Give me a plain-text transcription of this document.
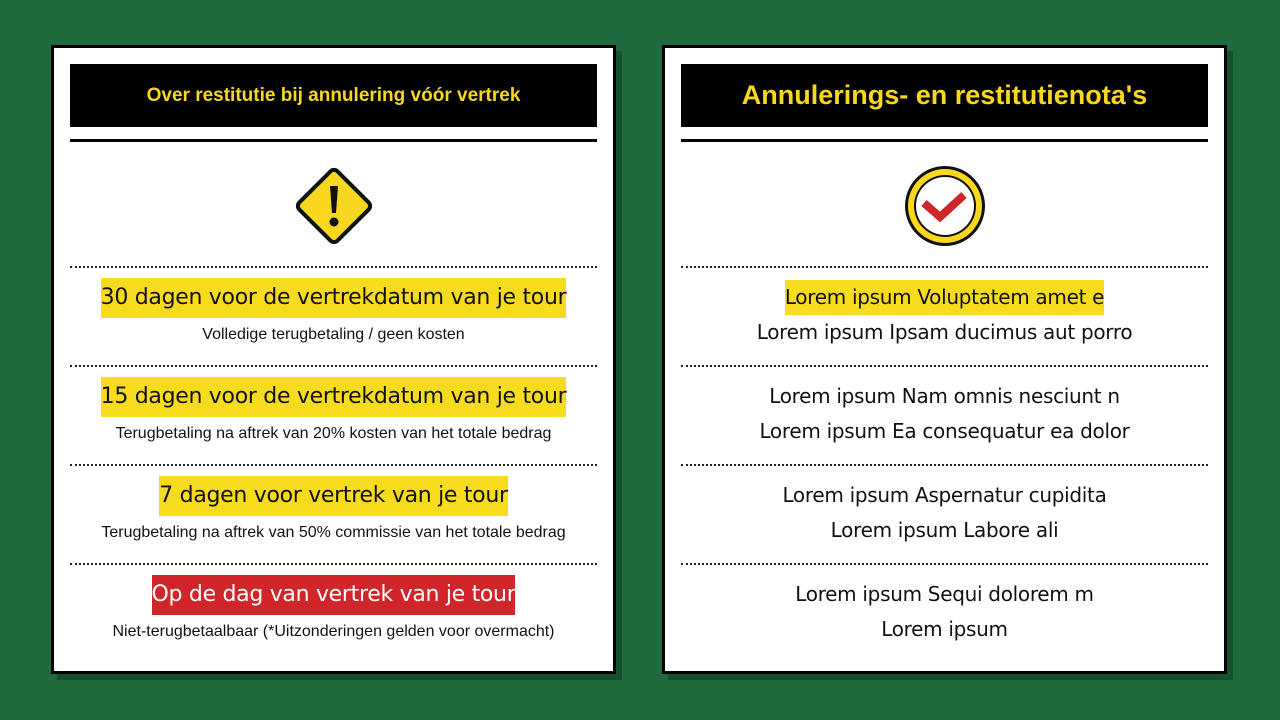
Over restitutie bij annulering vóór vertrek
30 dagen voor de vertrekdatum van je tour
Volledige terugbetaling / geen kosten
15 dagen voor de vertrekdatum van je tour
Terugbetaling na aftrek van 20% kosten van het totale bedrag
7 dagen voor vertrek van je tour
Terugbetaling na aftrek van 50% commissie van het totale bedrag
Op de dag van vertrek van je tour
Niet-terugbetaalbaar (*Uitzonderingen gelden voor overmacht)
Annulerings- en restitutienota's
Lorem ipsum Voluptatem amet e
Lorem ipsum Ipsam ducimus aut porro
Lorem ipsum Nam omnis nesciunt n
Lorem ipsum Ea consequatur ea dolor
Lorem ipsum Aspernatur cupidita
Lorem ipsum Labore ali
Lorem ipsum Sequi dolorem m
Lorem ipsum
